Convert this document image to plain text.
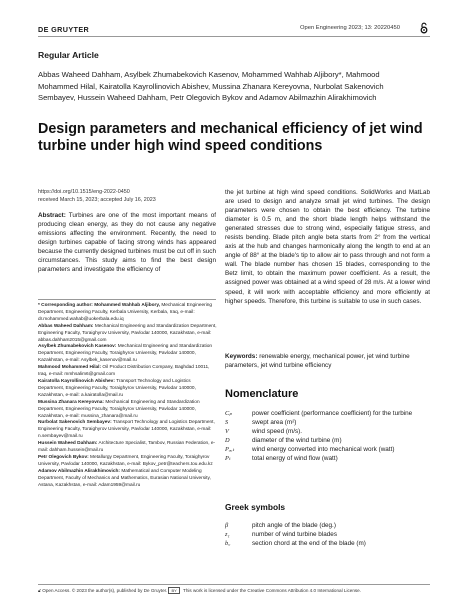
DE GRUYTER	Open Engineering 2023; 13: 20220450
Regular Article
Abbas Waheed Dahham, Asylbek Zhumabekovich Kasenov, Mohammed Wahhab Aljibory*, Mahmood Mohammed Hilal, Kairatolla Kayrollinovich Abishev, Mussina Zhanara Kereyovna, Nurbolat Sakenovich Sembayev, Hussein Waheed Dahham, Petr Olegovich Bykov and Adamov Abilmazhin Alirakhimovich
Design parameters and mechanical efficiency of jet wind turbine under high wind speed conditions
https://doi.org/10.1515/eng-2022-0450
received March 15, 2023; accepted July 16, 2023
Abstract: Turbines are one of the most important means of producing clean energy, as they do not cause any negative emissions affecting the environment. Recently, the need to design turbines capable of facing strong winds has appeared because the currently designed turbines must be cut off in such circumstances. This study aims to find the best design parameters and investigate the efficiency of

* Corresponding author: Mohammed Wahhab Aljibory, Mechanical Engineering Department, Engineering Faculty, Kerbala University, Kerbala, Iraq, e-mail: dr.mohammed.wahab@uokerbala.edu.iq

Abbas Waheed Dahham: Mechanical Engineering and Standardization Department, Engineering Faculty, Toraighyrov University, Pavlodar 140000, Kazakhstan, e-mail: abbas.dahham2015@gmail.com

Asylbek Zhumabekovich Kasenov: Mechanical Engineering and Standardization Department, Engineering Faculty, Toraighyrov University, Pavlodar 140000, Kazakhstan, e-mail: Asylbek_kasenov@mail.ru

Mahmood Mohammed Hilal: Oil Product Distribution Company, Baghdad 10011, Iraq, e-mail: mmhsalim6@gmail.com

Kairatolla Kayrollinovich Abishev: Transport Technology and Logistics Department, Engineering Faculty, Toraighyrov University, Pavlodar 140000, Kazakhstan, e-mail: a.kairatolla@mail.ru

Mussina Zhanara Kereyovna: Mechanical Engineering and Standardization Department, Engineering Faculty, Toraighyrov University, Pavlodar 140000, Kazakhstan, e-mail: mussina_zhanara@mail.ru

Nurbolat Sakenovich Sembayev: Transport Technology and Logistics Department, Engineering Faculty, Toraighyrov University, Pavlodar 140000, Kazakhstan, e-mail: n.sembayev@mail.ru

Hussein Waheed Dahham: Architecture Specialist, Tambov, Russian Federation, e-mail: dahham.hussein@mail.ru

Petr Olegovich Bykov: Metallurgy Department, Engineering Faculty, Toraighyrov University, Pavlodar 140000, Kazakhstan, e-mail: Bykov_petr@teachers.tou.edu.kz

Adamov Abilmazhin Alirakhimovich: Mathematical and Computer Modeling Department, Faculty of Mechanics and Mathematics, Eurasian National University, Astana, Kazakhstan, e-mail: Adam1959@mail.ru

the jet turbine at high wind speed conditions. SolidWorks and MatLab are used to design and analyze small jet wind turbines. The design parameters were chosen to obtain the best efficiency. The turbine diameter is 0.5 m, and the short blade length helps withstand the generated stresses due to strong wind, especially fatigue stress, and resists bending. Blade pitch angle beta starts from 2° from the vertical axis at the hub and changes harmonically along the length to end at an angle of 88° at the blade's tip to allow air to pass through and not form a wall. The blade number has chosen 15 blades, corresponding to the Betz limit, to obtain the maximum power coefficient. As a result, the assigned power was obtained at a wind speed of 28 m/s. At a lower wind speed, it will work with acceptable efficiency and more efficiently at higher speeds. Therefore, this turbine is suitable to use in such cases.
Keywords: renewable energy, mechanical power, jet wind turbine parameters, jet wind turbine efficiency
Nomenclature
Cₚ	power coefficient (performance coefficient) for the turbine
S	swept area (m²)
V	wind speed (m/s).
D	diameter of the wind turbine (m)
Pₒᵤₜ	wind energy converted into mechanical work (watt)
Pₜ	total energy of wind flow (watt)
Greek symbols
β	pitch angle of the blade (deg.)
z₁	number of wind turbine blades
b꜀	section chord at the end of the blade (m)
🔓︎ Open Access. © 2023 the author(s), published by De Gruyter. BY This work is licensed under the Creative Commons Attribution 4.0 International License.
